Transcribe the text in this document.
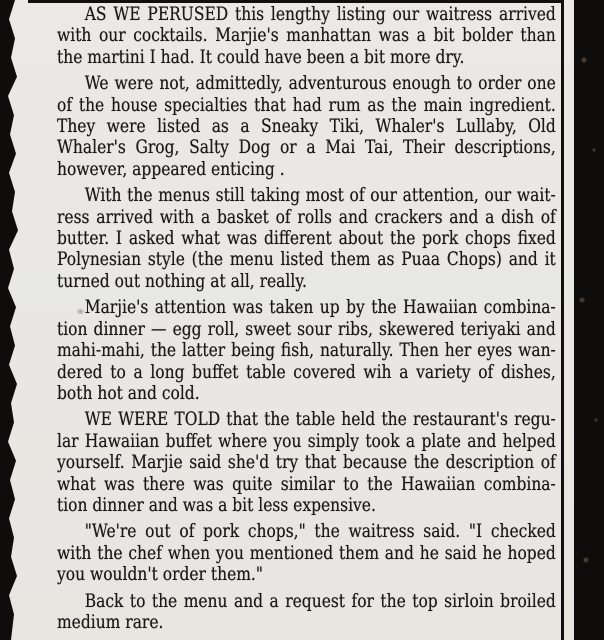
AS WE PERUSED this lengthy listing our waitress arrived
with our cocktails. Marjie's manhattan was a bit bolder than
the martini I had. It could have been a bit more dry.
We were not, admittedly, adventurous enough to order one
of the house specialties that had rum as the main ingredient.
They were listed as a Sneaky Tiki, Whaler's Lullaby, Old
Whaler's Grog, Salty Dog or a Mai Tai, Their descriptions,
however, appeared enticing .
With the menus still taking most of our attention, our wait-
ress arrived with a basket of rolls and crackers and a dish of
butter. I asked what was different about the pork chops fixed
Polynesian style (the menu listed them as Puaa Chops) and it
turned out nothing at all, really.
Marjie's attention was taken up by the Hawaiian combina-
tion dinner — egg roll, sweet sour ribs, skewered teriyaki and
mahi-mahi, the latter being fish, naturally. Then her eyes wan-
dered to a long buffet table covered wih a variety of dishes,
both hot and cold.
WE WERE TOLD that the table held the restaurant's regu-
lar Hawaiian buffet where you simply took a plate and helped
yourself. Marjie said she'd try that because the description of
what was there was quite similar to the Hawaiian combina-
tion dinner and was a bit less expensive.
"We're out of pork chops," the waitress said. "I checked
with the chef when you mentioned them and he said he hoped
you wouldn't order them."
Back to the menu and a request for the top sirloin broiled
medium rare.
